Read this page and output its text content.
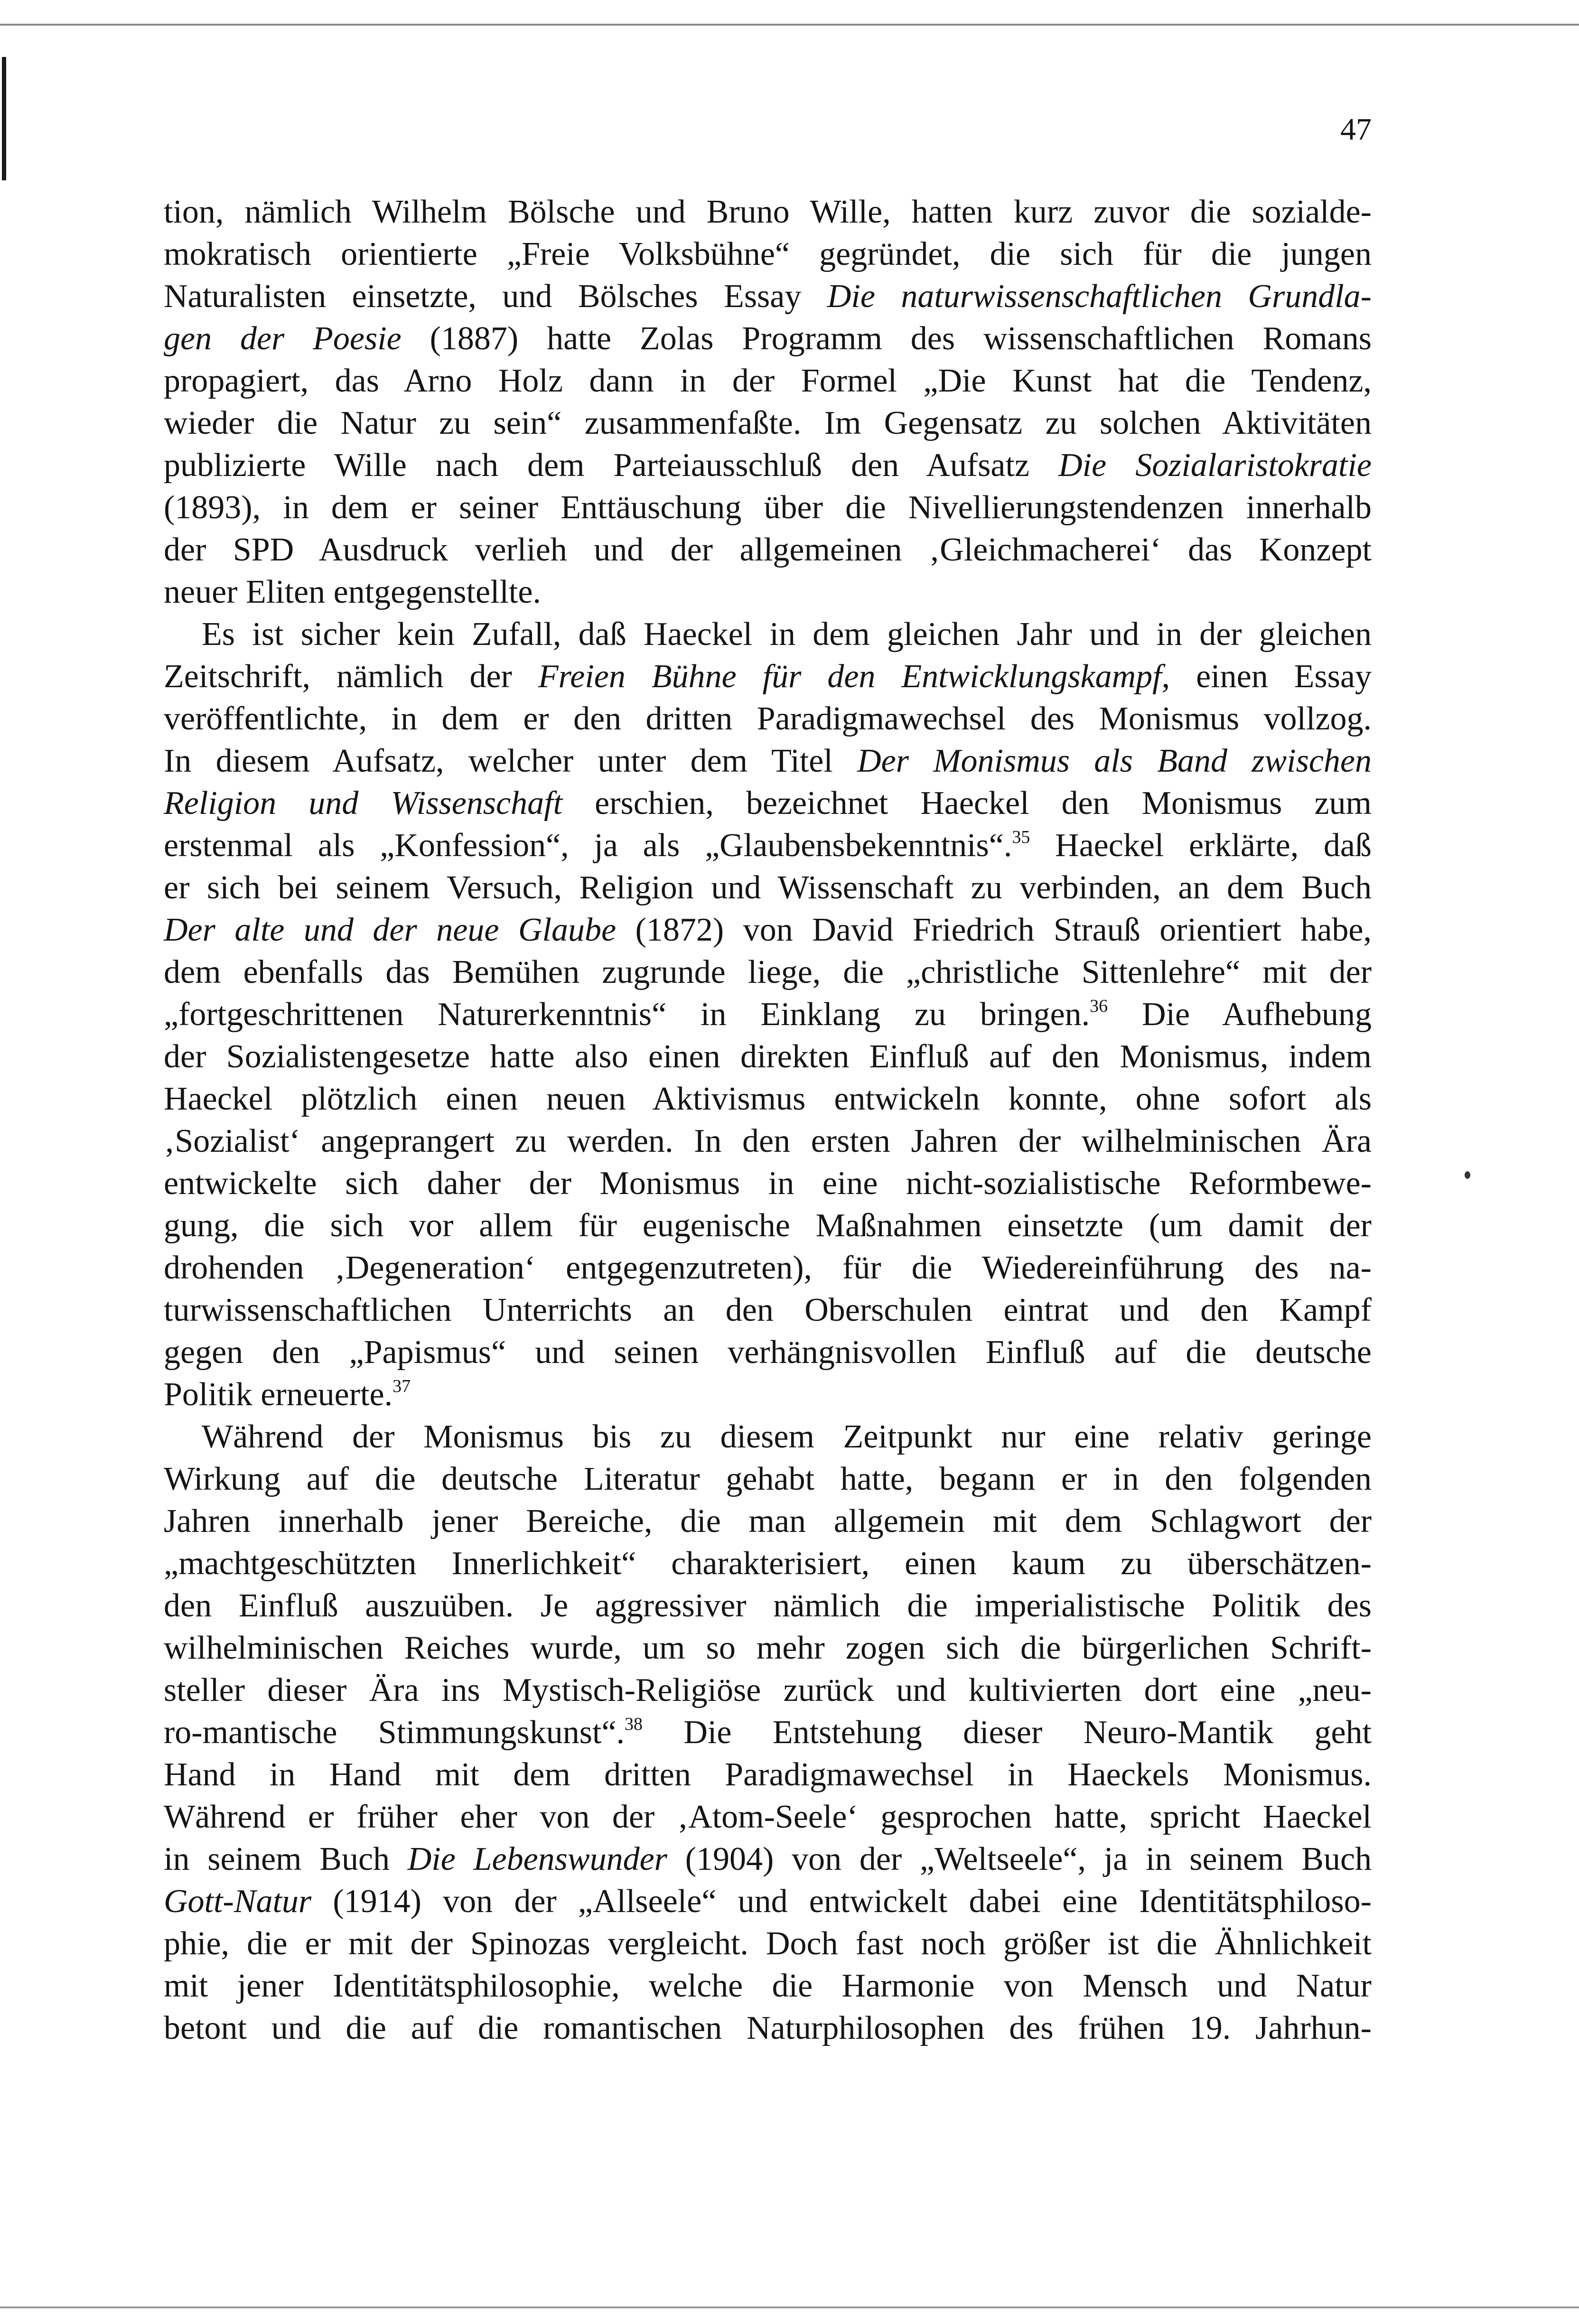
47
tion, nämlich Wilhelm Bölsche und Bruno Wille, hatten kurz zuvor die sozialde-
mokratisch orientierte „Freie Volksbühne“ gegründet, die sich für die jungen
Naturalisten einsetzte, und Bölsches Essay Die naturwissenschaftlichen Grundla-
gen der Poesie (1887) hatte Zolas Programm des wissenschaftlichen Romans
propagiert, das Arno Holz dann in der Formel „Die Kunst hat die Tendenz,
wieder die Natur zu sein“ zusammenfaßte. Im Gegensatz zu solchen Aktivitäten
publizierte Wille nach dem Parteiausschluß den Aufsatz Die Sozialaristokratie
(1893), in dem er seiner Enttäuschung über die Nivellierungstendenzen innerhalb
der SPD Ausdruck verlieh und der allgemeinen ‚Gleichmacherei‘ das Konzept
neuer Eliten entgegenstellte.
Es ist sicher kein Zufall, daß Haeckel in dem gleichen Jahr und in der gleichen
Zeitschrift, nämlich der Freien Bühne für den Entwicklungskampf, einen Essay
veröffentlichte, in dem er den dritten Paradigmawechsel des Monismus vollzog.
In diesem Aufsatz, welcher unter dem Titel Der Monismus als Band zwischen
Religion und Wissenschaft erschien, bezeichnet Haeckel den Monismus zum
erstenmal als „Konfession“, ja als „Glaubensbekenntnis“.$^{35}$ Haeckel erklärte, daß
er sich bei seinem Versuch, Religion und Wissenschaft zu verbinden, an dem Buch
Der alte und der neue Glaube (1872) von David Friedrich Strauß orientiert habe,
dem ebenfalls das Bemühen zugrunde liege, die „christliche Sittenlehre“ mit der
„fortgeschrittenen Naturerkenntnis“ in Einklang zu bringen.$^{36}$ Die Aufhebung
der Sozialistengesetze hatte also einen direkten Einfluß auf den Monismus, indem
Haeckel plötzlich einen neuen Aktivismus entwickeln konnte, ohne sofort als
‚Sozialist‘ angeprangert zu werden. In den ersten Jahren der wilhelminischen Ära
entwickelte sich daher der Monismus in eine nicht-sozialistische Reformbewe-
gung, die sich vor allem für eugenische Maßnahmen einsetzte (um damit der
drohenden ‚Degeneration‘ entgegenzutreten), für die Wiedereinführung des na-
turwissenschaftlichen Unterrichts an den Oberschulen eintrat und den Kampf
gegen den „Papismus“ und seinen verhängnisvollen Einfluß auf die deutsche
Politik erneuerte.$^{37}$
Während der Monismus bis zu diesem Zeitpunkt nur eine relativ geringe
Wirkung auf die deutsche Literatur gehabt hatte, begann er in den folgenden
Jahren innerhalb jener Bereiche, die man allgemein mit dem Schlagwort der
„machtgeschützten Innerlichkeit“ charakterisiert, einen kaum zu überschätzen-
den Einfluß auszuüben. Je aggressiver nämlich die imperialistische Politik des
wilhelminischen Reiches wurde, um so mehr zogen sich die bürgerlichen Schrift-
steller dieser Ära ins Mystisch-Religiöse zurück und kultivierten dort eine „neu-
ro-mantische Stimmungskunst“.$^{38}$ Die Entstehung dieser Neuro-Mantik geht
Hand in Hand mit dem dritten Paradigmawechsel in Haeckels Monismus.
Während er früher eher von der ‚Atom-Seele‘ gesprochen hatte, spricht Haeckel
in seinem Buch Die Lebenswunder (1904) von der „Weltseele“, ja in seinem Buch
Gott-Natur (1914) von der „Allseele“ und entwickelt dabei eine Identitätsphiloso-
phie, die er mit der Spinozas vergleicht. Doch fast noch größer ist die Ähnlichkeit
mit jener Identitätsphilosophie, welche die Harmonie von Mensch und Natur
betont und die auf die romantischen Naturphilosophen des frühen 19. Jahrhun-
